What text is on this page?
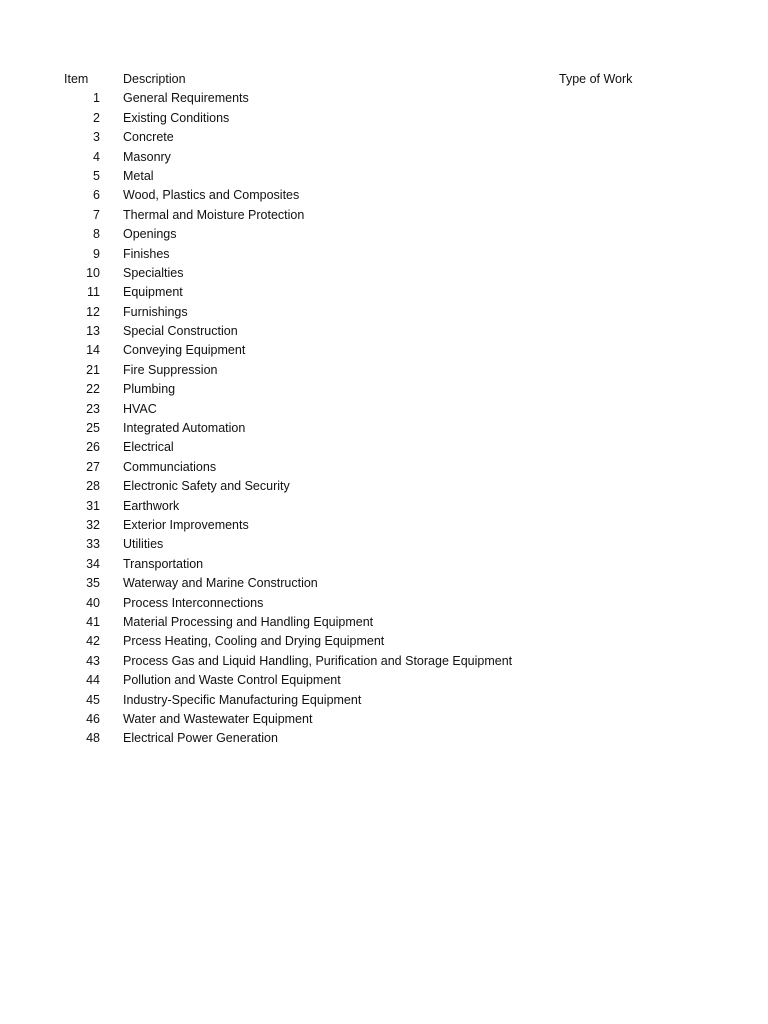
Item	Description	Type of Work
1 General Requirements
2 Existing Conditions
3 Concrete
4 Masonry
5 Metal
6 Wood, Plastics and Composites
7 Thermal and Moisture Protection
8 Openings
9 Finishes
10 Specialties
11 Equipment
12 Furnishings
13 Special Construction
14 Conveying Equipment
21 Fire Suppression
22 Plumbing
23 HVAC
25 Integrated Automation
26 Electrical
27 Communciations
28 Electronic Safety and Security
31 Earthwork
32 Exterior Improvements
33 Utilities
34 Transportation
35 Waterway and Marine Construction
40 Process Interconnections
41 Material Processing and Handling Equipment
42 Prcess Heating, Cooling and Drying Equipment
43 Process Gas and Liquid Handling, Purification and Storage Equipment
44 Pollution and Waste Control Equipment
45 Industry-Specific Manufacturing Equipment
46 Water and Wastewater Equipment
48 Electrical Power Generation
